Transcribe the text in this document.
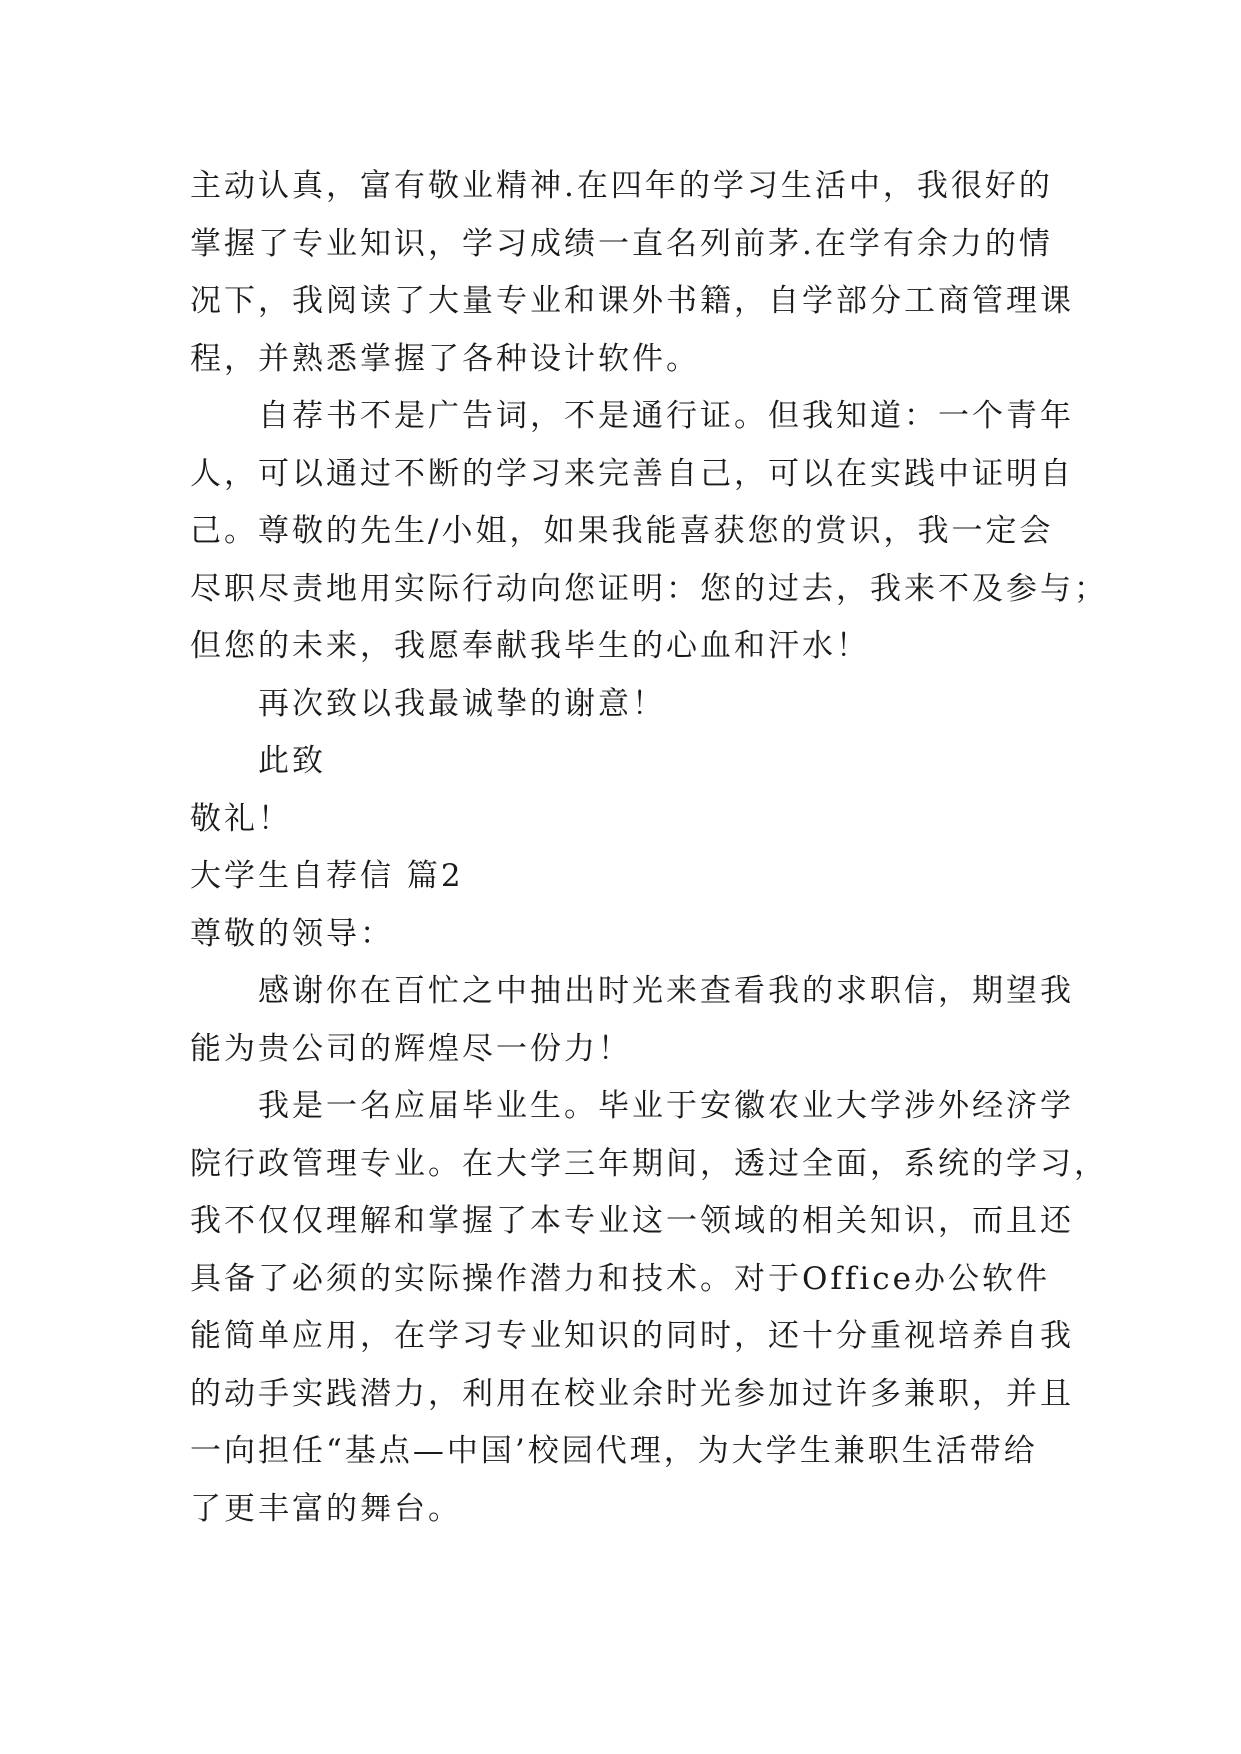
主动认真，富有敬业精神.在四年的学习生活中，我很好的
掌握了专业知识，学习成绩一直名列前茅.在学有余力的情
况下，我阅读了大量专业和课外书籍，自学部分工商管理课
程，并熟悉掌握了各种设计软件。
自荐书不是广告词，不是通行证。但我知道：一个青年
人，可以通过不断的学习来完善自己，可以在实践中证明自
己。尊敬的先生/小姐，如果我能喜获您的赏识，我一定会
尽职尽责地用实际行动向您证明：您的过去，我来不及参与；
但您的未来，我愿奉献我毕生的心血和汗水！
再次致以我最诚挚的谢意！
此致
敬礼！
大学生自荐信 篇2
尊敬的领导：
感谢你在百忙之中抽出时光来查看我的求职信，期望我
能为贵公司的辉煌尽一份力！
我是一名应届毕业生。毕业于安徽农业大学涉外经济学
院行政管理专业。在大学三年期间，透过全面，系统的学习，
我不仅仅理解和掌握了本专业这一领域的相关知识，而且还
具备了必须的实际操作潜力和技术。对于Office办公软件
能简单应用，在学习专业知识的同时，还十分重视培养自我
的动手实践潜力，利用在校业余时光参加过许多兼职，并且
一向担任“基点—中国’校园代理，为大学生兼职生活带给
了更丰富的舞台。
